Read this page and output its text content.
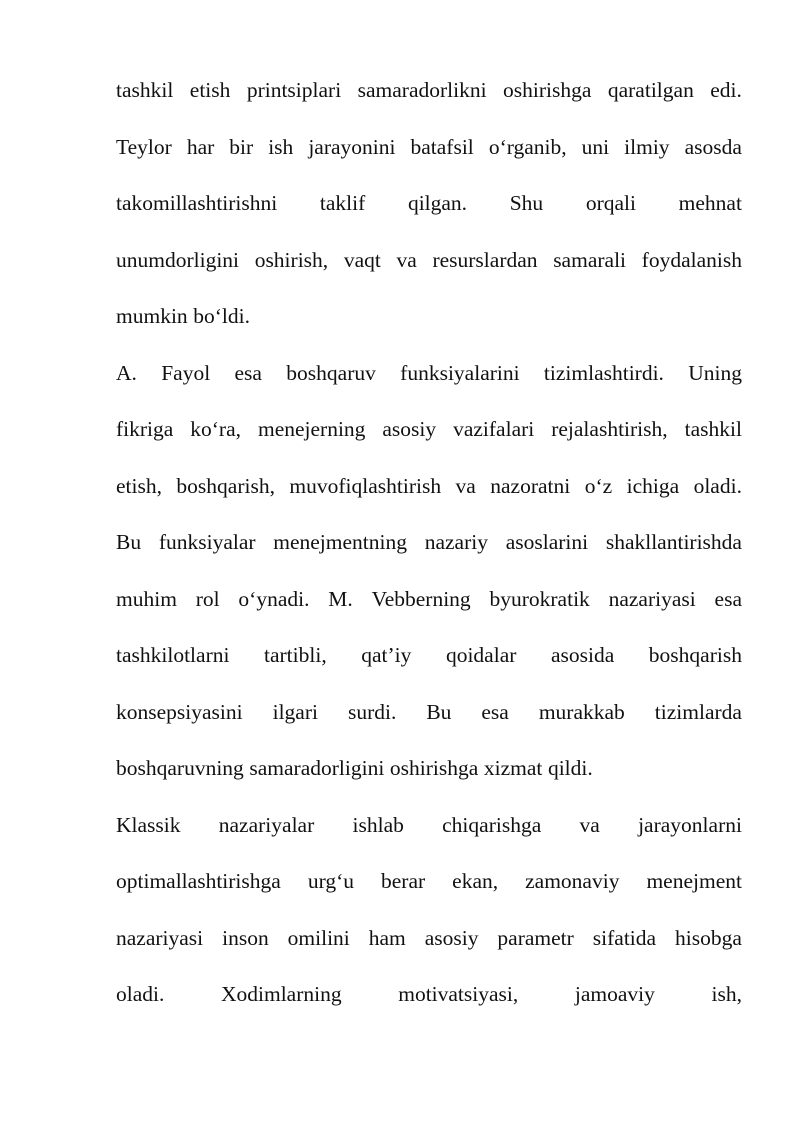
tashkil etish printsiplari samaradorlikni oshirishga qaratilgan edi.
Teylor har bir ish jarayonini batafsil o‘rganib, uni ilmiy asosda
takomillashtirishni taklif qilgan. Shu orqali mehnat
unumdorligini oshirish, vaqt va resurslardan samarali foydalanish
mumkin bo‘ldi.
A. Fayol esa boshqaruv funksiyalarini tizimlashtirdi. Uning
fikriga ko‘ra, menejerning asosiy vazifalari rejalashtirish, tashkil
etish, boshqarish, muvofiqlashtirish va nazoratni o‘z ichiga oladi.
Bu funksiyalar menejmentning nazariy asoslarini shakllantirishda
muhim rol o‘ynadi. M. Vebberning byurokratik nazariyasi esa
tashkilotlarni tartibli, qat’iy qoidalar asosida boshqarish
konsepsiyasini ilgari surdi. Bu esa murakkab tizimlarda
boshqaruvning samaradorligini oshirishga xizmat qildi.
Klassik nazariyalar ishlab chiqarishga va jarayonlarni
optimallashtirishga urg‘u berar ekan, zamonaviy menejment
nazariyasi inson omilini ham asosiy parametr sifatida hisobga
oladi.	Xodimlarning	motivatsiyasi,	jamoaviy	ish,
